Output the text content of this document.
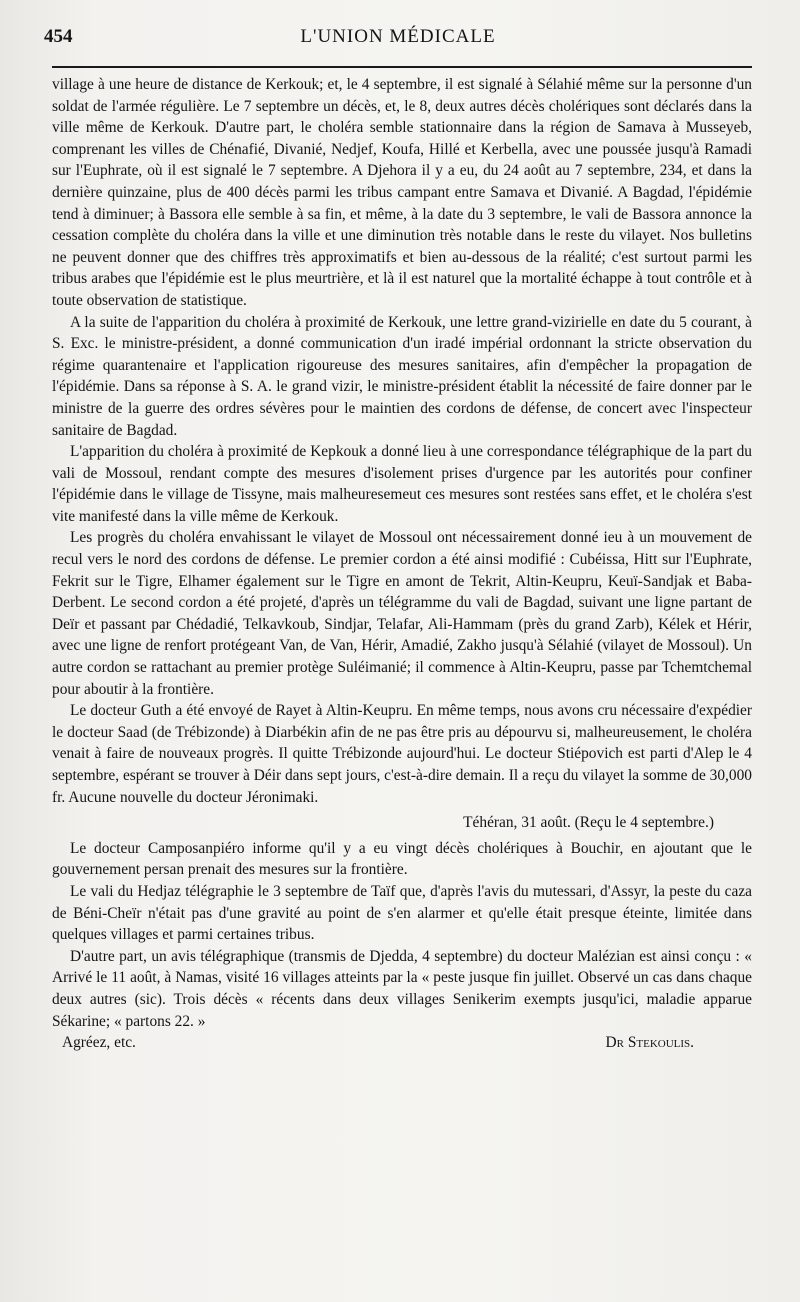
454	L'UNION MÉDICALE

village à une heure de distance de Kerkouk; et, le 4 septembre, il est signalé à Sélahié même sur la personne d'un soldat de l'armée régulière. Le 7 septembre un décès, et, le 8, deux autres décès cholériques sont déclarés dans la ville même de Kerkouk. D'autre part, le choléra semble stationnaire dans la région de Samava à Musseyeb, comprenant les villes de Chénafié, Divanié, Nedjef, Koufa, Hillé et Kerbella, avec une poussée jusqu'à Ramadi sur l'Euphrate, où il est signalé le 7 septembre. A Djehora il y a eu, du 24 août au 7 septembre, 234, et dans la dernière quinzaine, plus de 400 décès parmi les tribus campant entre Samava et Divanié. A Bagdad, l'épidémie tend à diminuer; à Bassora elle semble à sa fin, et même, à la date du 3 septembre, le vali de Bassora annonce la cessation complète du choléra dans la ville et une diminution très notable dans le reste du vilayet. Nos bulletins ne peuvent donner que des chiffres très approximatifs et bien au-dessous de la réalité; c'est surtout parmi les tribus arabes que l'épidémie est le plus meurtrière, et là il est naturel que la mortalité échappe à tout contrôle et à toute observation de statistique.

A la suite de l'apparition du choléra à proximité de Kerkouk, une lettre grand-vizirielle en date du 5 courant, à S. Exc. le ministre-président, a donné communication d'un iradé impérial ordonnant la stricte observation du régime quarantenaire et l'application rigoureuse des mesures sanitaires, afin d'empêcher la propagation de l'épidémie. Dans sa réponse à S. A. le grand vizir, le ministre-président établit la nécessité de faire donner par le ministre de la guerre des ordres sévères pour le maintien des cordons de défense, de concert avec l'inspecteur sanitaire de Bagdad.

L'apparition du choléra à proximité de Kepkouk a donné lieu à une correspondance télégraphique de la part du vali de Mossoul, rendant compte des mesures d'isolement prises d'urgence par les autorités pour confiner l'épidémie dans le village de Tissyne, mais malheuresemeut ces mesures sont restées sans effet, et le choléra s'est vite manifesté dans la ville même de Kerkouk.

Les progrès du choléra envahissant le vilayet de Mossoul ont nécessairement donné ieu à un mouvement de recul vers le nord des cordons de défense. Le premier cordon a été ainsi modifié : Cubéissa, Hitt sur l'Euphrate, Fekrit sur le Tigre, Elhamer également sur le Tigre en amont de Tekrit, Altin-Keupru, Keuï-Sandjak et Baba-Derbent. Le second cordon a été projeté, d'après un télégramme du vali de Bagdad, suivant une ligne partant de Deïr et passant par Chédadié, Telkavkoub, Sindjar, Telafar, Ali-Hammam (près du grand Zarb), Kélek et Hérir, avec une ligne de renfort protégeant Van, de Van, Hérir, Amadié, Zakho jusqu'à Sélahié (vilayet de Mossoul). Un autre cordon se rattachant au premier protège Suléimanié; il commence à Altin-Keupru, passe par Tchemtchemal pour aboutir à la frontière.

Le docteur Guth a été envoyé de Rayet à Altin-Keupru. En même temps, nous avons cru nécessaire d'expédier le docteur Saad (de Trébizonde) à Diarbékin afin de ne pas être pris au dépourvu si, malheureusement, le choléra venait à faire de nouveaux progrès. Il quitte Trébizonde aujourd'hui. Le docteur Stiépovich est parti d'Alep le 4 septembre, espérant se trouver à Déir dans sept jours, c'est-à-dire demain. Il a reçu du vilayet la somme de 30,000 fr. Aucune nouvelle du docteur Jéronimaki.

Téhéran, 31 août. (Reçu le 4 septembre.)

Le docteur Camposanpiéro informe qu'il y a eu vingt décès cholériques à Bouchir, en ajoutant que le gouvernement persan prenait des mesures sur la frontière.

Le vali du Hedjaz télégraphie le 3 septembre de Taïf que, d'après l'avis du mutessari, d'Assyr, la peste du caza de Béni-Cheïr n'était pas d'une gravité au point de s'en alarmer et qu'elle était presque éteinte, limitée dans quelques villages et parmi certaines tribus.

D'autre part, un avis télégraphique (transmis de Djedda, 4 septembre) du docteur Malézian est ainsi conçu : « Arrivé le 11 août, à Namas, visité 16 villages atteints par la « peste jusque fin juillet. Observé un cas dans chaque deux autres (sic). Trois décès « récents dans deux villages Senikerim exempts jusqu'ici, maladie apparue Sékarine; « partons 22. »

Agréez, etc.	Dr Stekoulis.
